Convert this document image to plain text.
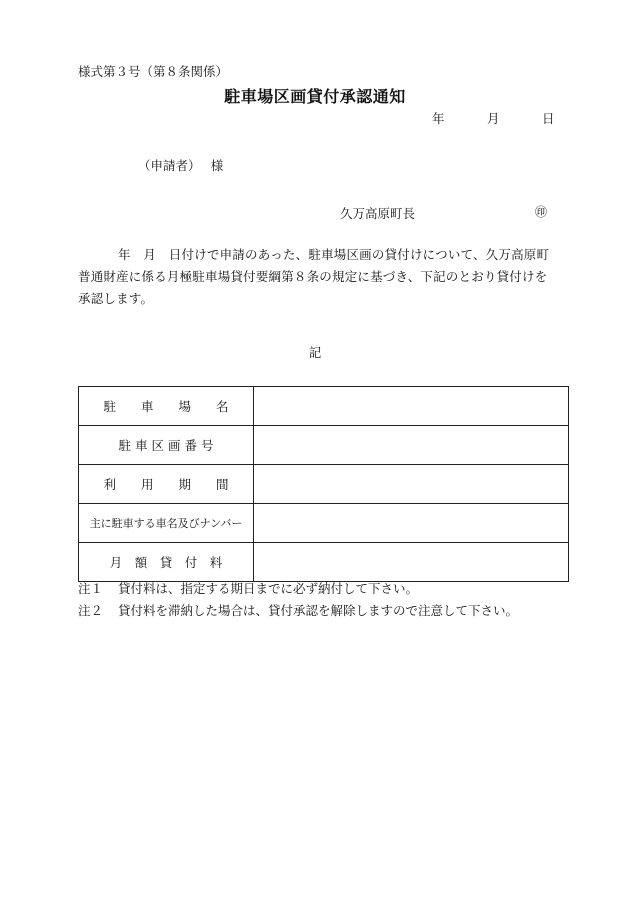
様式第３号（第８条関係）
駐車場区画貸付承認通知
年	月	日
（申請者）　 様
久万高原町長	㊞
年　月　日付けで申請のあった、駐車場区画の貸付けについて、久万高原町普通財産に係る月極駐車場貸付要綱第８条の規定に基づき、下記のとおり貸付けを承認します。
記
駐　　車　　場　　名	
駐 車 区 画 番 号	
利　　用　　期　　間	
主に駐車する車名及びナンバー	
月　額　貸　付　料	
注１ 貸付料は、指定する期日までに必ず納付して下さい。
注２ 貸付料を滞納した場合は、貸付承認を解除しますので注意して下さい。
